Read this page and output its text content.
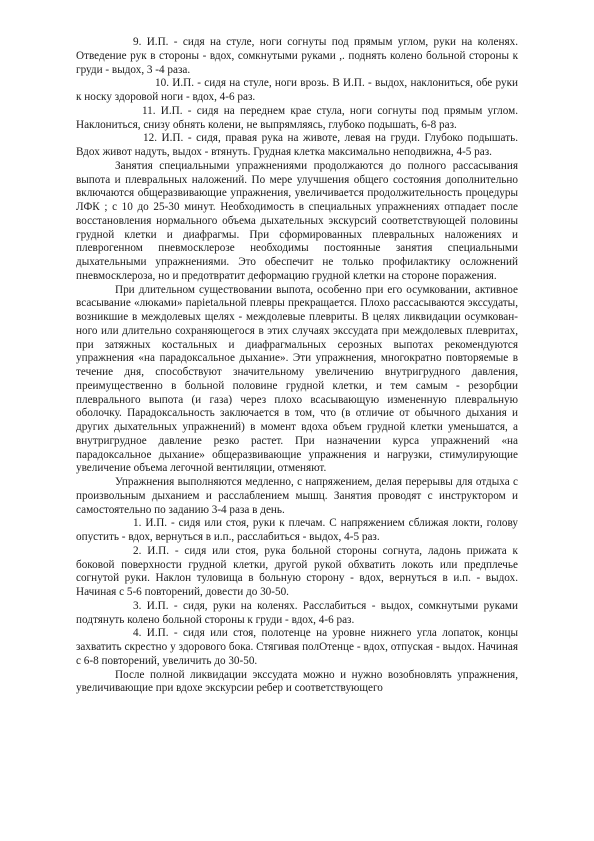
9. И.П. - сидя на стуле, ноги согнуты под прямым углом, руки на коленях. Отведение рук в стороны - вдох, сомкнутыми руками ,. поднять колено больной стороны к груди - выдох, 3 -4 раза.

10. И.П. - сидя на стуле, ноги врозь. В И.П. - выдох, наклониться, обе руки к носку здоровой ноги - вдох, 4-6 раз.

11. И.П. - сидя на переднем крае стула, ноги согнуты под прямым углом. Наклониться, снизу обнять колени, не выпрямляясь, глубоко подышать, 6-8 раз.

12. И.П. - сидя, правая рука на животе, левая на груди. Глубоко подышать. Вдох живот надуть, выдох - втянуть. Грудная клетка максимально неподвижна, 4-5 раз.

Занятия специальными упражнениями продолжаются до полного рассасывания выпота и плевральных наложений. По мере улучшения общего состояния дополнительно включаются общеразвивающие упражнения, увеличивается продолжительность процедуры ЛФК ; с 10 до 25-30 минут. Необходимость в специальных упражнениях отпадает после восстановления нормального объема дыхательных экскурсий соответствующей половины грудной клетки и диафрагмы. При сформированных плевральных наложениях и плеврогенном пневмосклерозе необходимы постоянные занятия специальными дыхательными упражнениями. Это обеспечит не только профилактику осложнений пневмосклероза, но и предотвратит деформацию грудной клетки на стороне поражения.

При длительном существовании выпота, особенно при его осумковании, активное всасывание «люками» парietальной плевры прекращается. Плохо рассасываются экссудаты, возникшие в междолевых щелях - междолевые плевриты. В целях ликвидации осумкован-ного или длительно сохраняющегося в этих случаях экссудата при междолевых плевритах, при затяжных костальных и диафрагмальных серозных выпотах рекомендуются упражнения «на парадоксальное дыхание». Эти упражнения, многократно повторяемые в течение дня, способствуют значительному увеличению внутригрудного давления, преимущественно в больной половине грудной клетки, и тем самым - резорбции плеврального выпота (и газа) через плохо всасывающую измененную плевральную оболочку. Парадоксальность заключается в том, что (в отличие от обычного дыхания и других дыхательных упражнений) в момент вдоха объем грудной клетки уменьшатся, а внутригрудное давление резко растет. При назначении курса упражнений «на парадоксальное дыхание» общеразвивающие упражнения и нагрузки, стимулирующие увеличение объема легочной вентиляции, отменяют.

Упражнения выполняются медленно, с напряжением, делая перерывы для отдыха с произвольным дыханием и расслаблением мышц. Занятия проводят с инструктором и самостоятельно по заданию 3-4 раза в день.

1. И.П. - сидя или стоя, руки к плечам. С напряжением сближая локти, голову опустить - вдох, вернуться в и.п., расслабиться - выдох, 4-5 раз.

2. И.П. - сидя или стоя, рука больной стороны согнута, ладонь прижата к боковой поверхности грудной клетки, другой рукой обхватить локоть или предплечье согнутой руки. Наклон туловища в больную сторону - вдох, вернуться в и.п. - выдох. Начиная с 5-6 повторений, довести до 30-50.

3. И.П. - сидя, руки на коленях. Расслабиться - выдох, сомкнутыми руками подтянуть колено больной стороны к груди - вдох, 4-6 раз.

4. И.П. - сидя или стоя, полотенце на уровне нижнего угла лопаток, концы захватить скрестно у здорового бока. Стягивая полОтенце - вдох, отпуская - выдох. Начиная с 6-8 повторений, увеличить до 30-50.

После полной ликвидации экссудата можно и нужно возобновлять упражнения, увеличивающие при вдохе экскурсии ребер и соответствующего
